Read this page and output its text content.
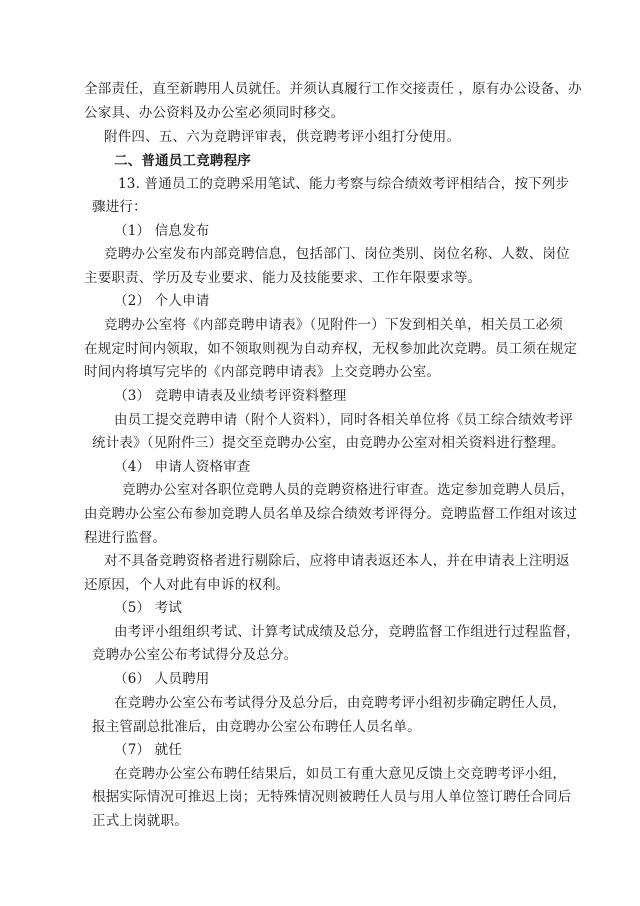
全部责任，直至新聘用人员就任。并须认真履行工作交接责任 ，原有办公设备、办
公家具、办公资料及办公室必须同时移交。
附件四、五、六为竞聘评审表，供竞聘考评小组打分使用。
二、普通员工竞聘程序
13. 普通员工的竞聘采用笔试、能力考察与综合绩效考评相结合，按下列步
骤进行：
（1） 信息发布
竞聘办公室发布内部竞聘信息，包括部门、岗位类别、岗位名称、人数、岗位
主要职责、学历及专业要求、能力及技能要求、工作年限要求等。
（2） 个人申请
竞聘办公室将《内部竞聘申请表》（见附件一）下发到相关单，相关员工必须
在规定时间内领取，如不领取则视为自动弃权，无权参加此次竞聘。员工须在规定
时间内将填写完毕的《内部竞聘申请表》上交竞聘办公室。
（3） 竞聘申请表及业绩考评资料整理
由员工提交竞聘申请（附个人资料），同时各相关单位将《员工综合绩效考评
统计表》（见附件三）提交至竞聘办公室，由竞聘办公室对相关资料进行整理。
（4） 申请人资格审查
竞聘办公室对各职位竞聘人员的竞聘资格进行审查。选定参加竞聘人员后，
由竞聘办公室公布参加竞聘人员名单及综合绩效考评得分。竞聘监督工作组对该过
程进行监督。
对不具备竞聘资格者进行剔除后，应将申请表返还本人，并在申请表上注明返
还原因，个人对此有申诉的权利。
（5） 考试
由考评小组组织考试、计算考试成绩及总分，竞聘监督工作组进行过程监督，
竞聘办公室公布考试得分及总分。
（6） 人员聘用
在竞聘办公室公布考试得分及总分后，由竞聘考评小组初步确定聘任人员，
报主管副总批准后，由竞聘办公室公布聘任人员名单。
（7） 就任
在竞聘办公室公布聘任结果后，如员工有重大意见反馈上交竞聘考评小组，
根据实际情况可推迟上岗；无特殊情况则被聘任人员与用人单位签订聘任合同后
正式上岗就职。
